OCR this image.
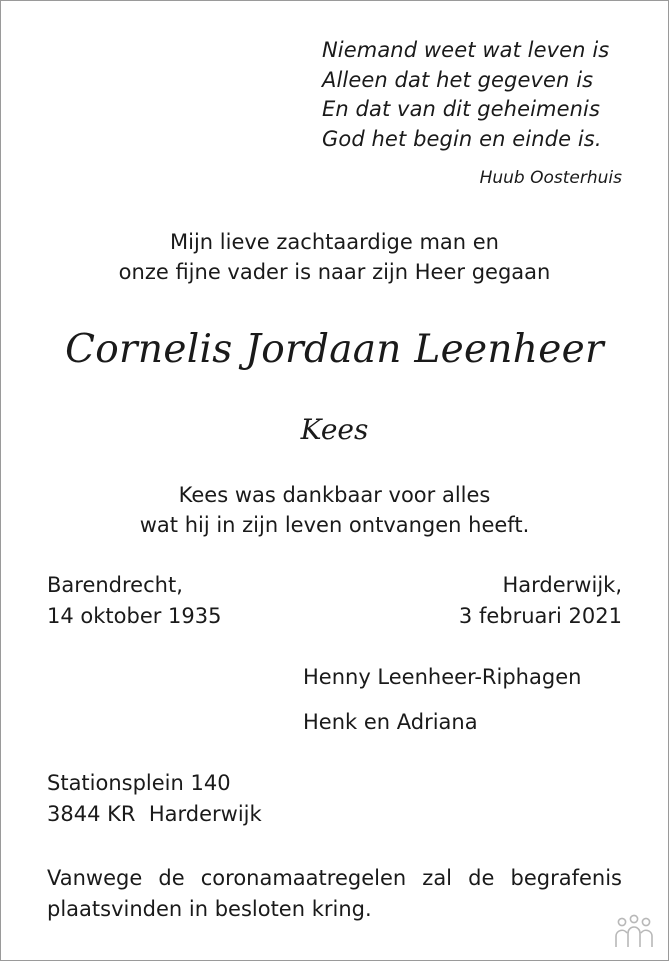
Niemand weet wat leven is
Alleen dat het gegeven is
En dat van dit geheimenis
God het begin en einde is.
Huub Oosterhuis
Mijn lieve zachtaardige man en
onze fijne vader is naar zijn Heer gegaan
Cornelis Jordaan Leenheer
Kees
Kees was dankbaar voor alles
wat hij in zijn leven ontvangen heeft.
Barendrecht,
14 oktober 1935
Harderwijk,
3 februari 2021
Henny Leenheer-Riphagen
Henk en Adriana
Stationsplein 140
3844 KR  Harderwijk
Vanwege de coronamaatregelen zal de begrafenis plaatsvinden in besloten kring.
